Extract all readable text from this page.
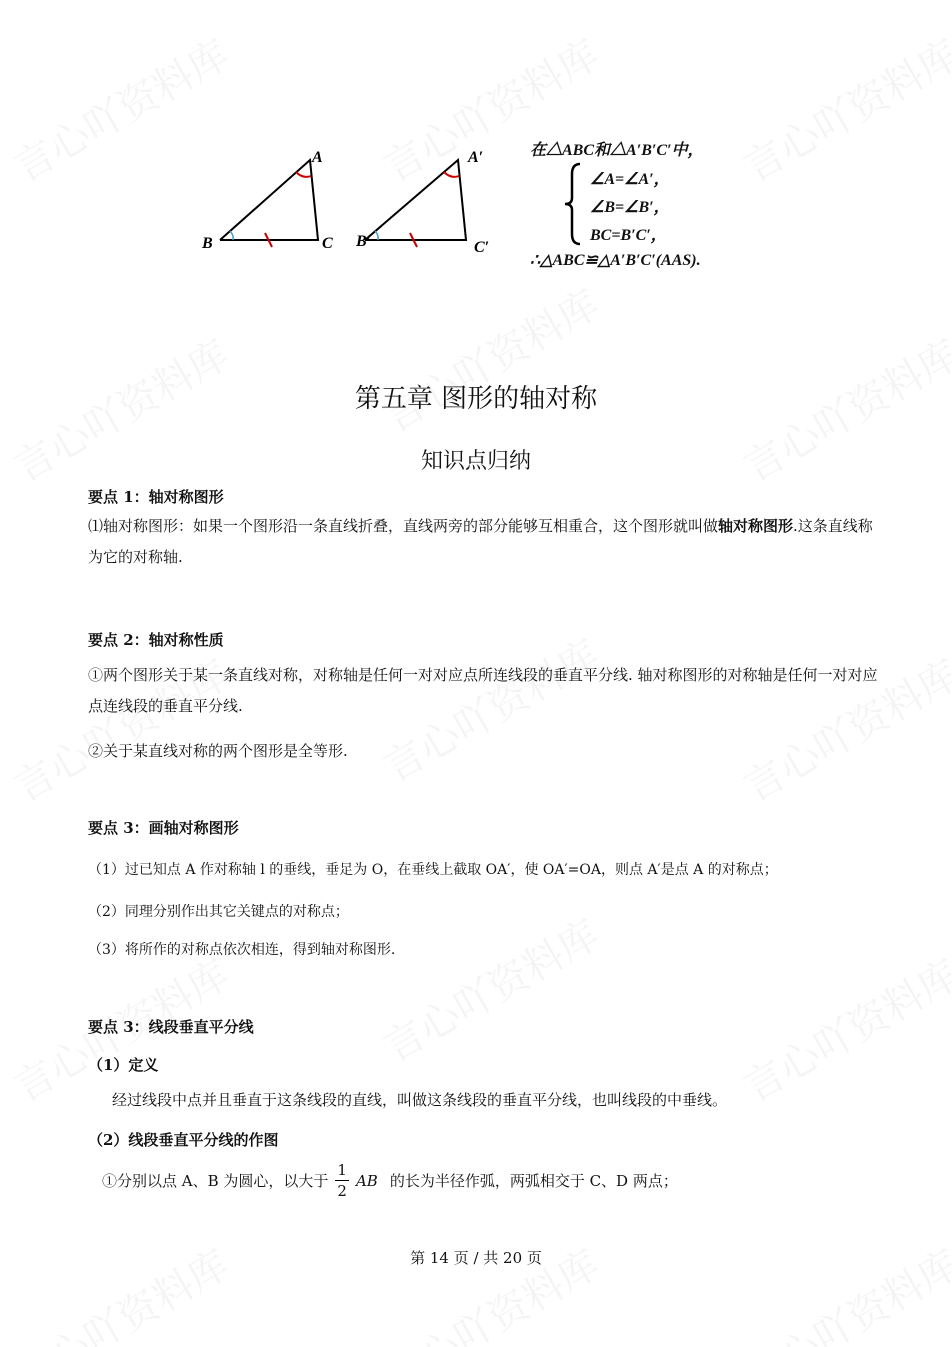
A
B	C
A′
B′	C′
在△ABC和△A′B′C′中，
∠A=∠A′，
∠B=∠B′，
BC=B′C′，
∴△ABC≌△A′B′C′(AAS).
第五章 图形的轴对称
知识点归纳
要点 1：轴对称图形
⑴轴对称图形：如果一个图形沿一条直线折叠，直线两旁的部分能够互相重合，这个图形就叫做轴对称图形.这条直线称为它的对称轴.
要点 2：轴对称性质
①两个图形关于某一条直线对称，对称轴是任何一对对应点所连线段的垂直平分线. 轴对称图形的对称轴是任何一对对应点连线段的垂直平分线.
②关于某直线对称的两个图形是全等形.
要点 3：画轴对称图形
（1）过已知点 A 作对称轴 l 的垂线，垂足为 O，在垂线上截取 OA′，使 OA′=OA，则点 A′是点 A 的对称点；
（2）同理分别作出其它关键点的对称点；
（3）将所作的对称点依次相连，得到轴对称图形.
要点 3：线段垂直平分线
（1）定义
经过线段中点并且垂直于这条线段的直线，叫做这条线段的垂直平分线，也叫线段的中垂线。
（2）线段垂直平分线的作图
①分别以点 A、B 为圆心，以大于 $\frac{1}{2}$ AB 的长为半径作弧，两弧相交于 C、D 两点；
第 14 页 / 共 20 页
